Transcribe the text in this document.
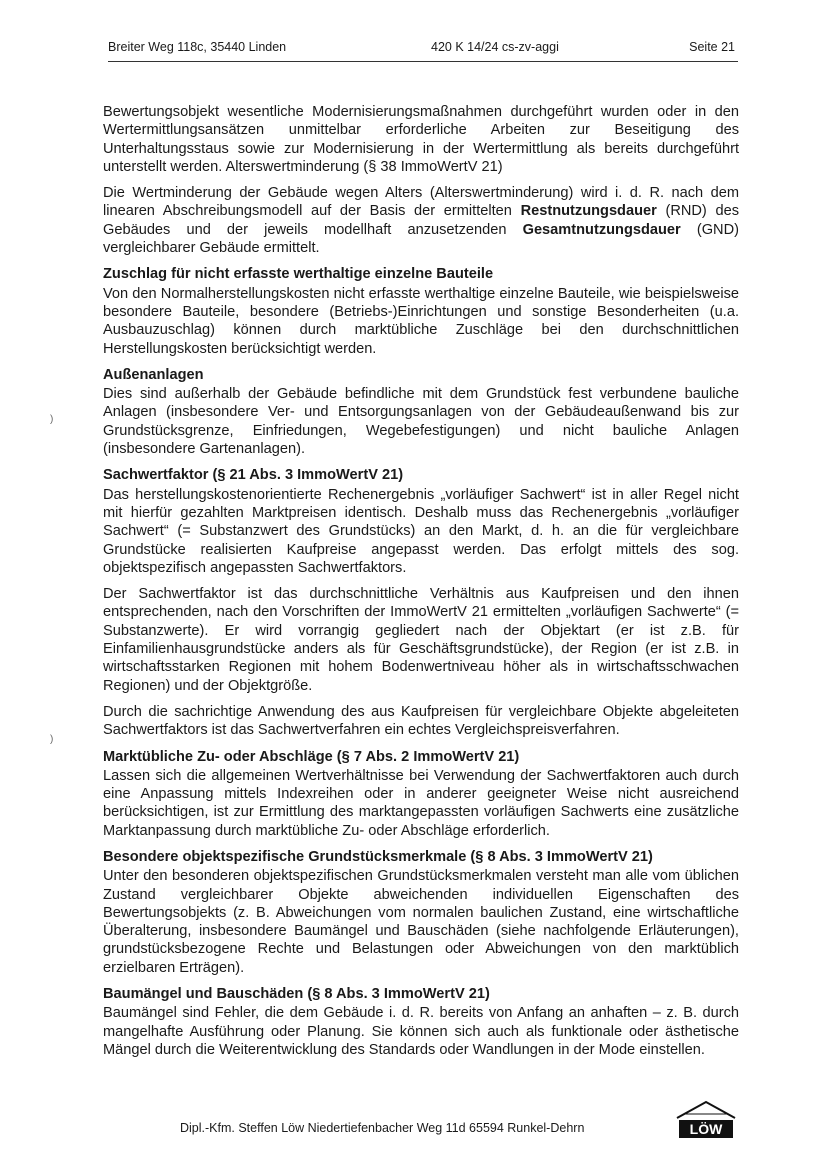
Breiter Weg 118c, 35440 Linden	420 K 14/24 cs-zv-aggi	Seite 21

Bewertungsobjekt wesentliche Modernisierungsmaßnahmen durchgeführt wurden oder in den Wertermittlungsansätzen unmittelbar erforderliche Arbeiten zur Beseitigung des Unterhaltungsstaus sowie zur Modernisierung in der Wertermittlung als bereits durchgeführt unterstellt werden. Alterswertminderung (§ 38 ImmoWertV 21)

Die Wertminderung der Gebäude wegen Alters (Alterswertminderung) wird i. d. R. nach dem linearen Abschreibungsmodell auf der Basis der ermittelten Restnutzungsdauer (RND) des Gebäudes und der jeweils modellhaft anzusetzenden Gesamtnutzungsdauer (GND) vergleichbarer Gebäude ermittelt.

Zuschlag für nicht erfasste werthaltige einzelne Bauteile

Von den Normalherstellungskosten nicht erfasste werthaltige einzelne Bauteile, wie beispielsweise besondere Bauteile, besondere (Betriebs-)Einrichtungen und sonstige Besonderheiten (u.a. Ausbauzuschlag) können durch marktübliche Zuschläge bei den durchschnittlichen Herstellungskosten berücksichtigt werden.

Außenanlagen

Dies sind außerhalb der Gebäude befindliche mit dem Grundstück fest verbundene bauliche Anlagen (insbesondere Ver- und Entsorgungsanlagen von der Gebäudeaußenwand bis zur Grundstücksgrenze, Einfriedungen, Wegebefestigungen) und nicht bauliche Anlagen (insbesondere Gartenanlagen).

Sachwertfaktor (§ 21 Abs. 3 ImmoWertV 21)

Das herstellungskostenorientierte Rechenergebnis „vorläufiger Sachwert“ ist in aller Regel nicht mit hierfür gezahlten Marktpreisen identisch. Deshalb muss das Rechenergebnis „vorläufiger Sachwert“ (= Substanzwert des Grundstücks) an den Markt, d. h. an die für vergleichbare Grundstücke realisierten Kaufpreise angepasst werden. Das erfolgt mittels des sog. objektspezifisch angepassten Sachwertfaktors.

Der Sachwertfaktor ist das durchschnittliche Verhältnis aus Kaufpreisen und den ihnen entsprechenden, nach den Vorschriften der ImmoWertV 21 ermittelten „vorläufigen Sachwerte“ (= Substanzwerte). Er wird vorrangig gegliedert nach der Objektart (er ist z.B. für Einfamilienhausgrundstücke anders als für Geschäftsgrundstücke), der Region (er ist z.B. in wirtschaftsstarken Regionen mit hohem Bodenwertniveau höher als in wirtschaftsschwachen Regionen) und der Objektgröße.

Durch die sachrichtige Anwendung des aus Kaufpreisen für vergleichbare Objekte abgeleiteten Sachwertfaktors ist das Sachwertverfahren ein echtes Vergleichspreisverfahren.

Marktübliche Zu- oder Abschläge (§ 7 Abs. 2 ImmoWertV 21)

Lassen sich die allgemeinen Wertverhältnisse bei Verwendung der Sachwertfaktoren auch durch eine Anpassung mittels Indexreihen oder in anderer geeigneter Weise nicht ausreichend berücksichtigen, ist zur Ermittlung des marktangepassten vorläufigen Sachwerts eine zusätzliche Marktanpassung durch marktübliche Zu- oder Abschläge erforderlich.

Besondere objektspezifische Grundstücksmerkmale (§ 8 Abs. 3 ImmoWertV 21)

Unter den besonderen objektspezifischen Grundstücksmerkmalen versteht man alle vom üblichen Zustand vergleichbarer Objekte abweichenden individuellen Eigenschaften des Bewertungsobjekts (z. B. Abweichungen vom normalen baulichen Zustand, eine wirtschaftliche Überalterung, insbesondere Baumängel und Bauschäden (siehe nachfolgende Erläuterungen), grundstücksbezogene Rechte und Belastungen oder Abweichungen von den marktüblich erzielbaren Erträgen).

Baumängel und Bauschäden (§ 8 Abs. 3 ImmoWertV 21)

Baumängel sind Fehler, die dem Gebäude i. d. R. bereits von Anfang an anhaften – z. B. durch mangelhafte Ausführung oder Planung. Sie können sich auch als funktionale oder ästhetische Mängel durch die Weiterentwicklung des Standards oder Wandlungen in der Mode einstellen.

)
)
Dipl.-Kfm. Steffen Löw Niedertiefenbacher Weg 11d 65594 Runkel-Dehrn	LÖW
